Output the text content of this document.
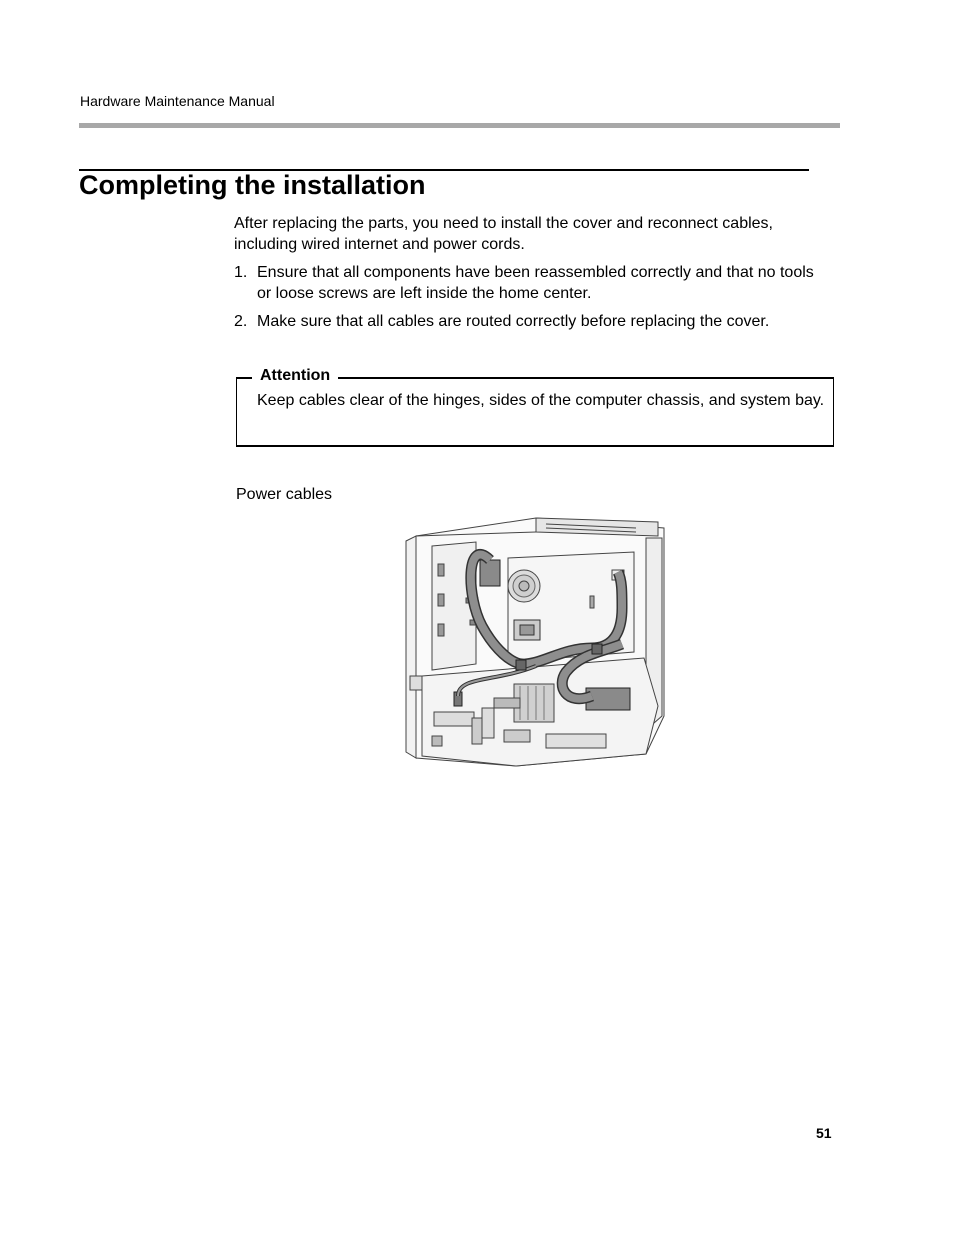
Hardware Maintenance Manual
Completing the installation

After replacing the parts, you need to install the cover and reconnect cables, including wired internet and power cords.

1. Ensure that all components have been reassembled correctly and that no tools or loose screws are left inside the home center.
2. Make sure that all cables are routed correctly before replacing the cover.
Attention
Keep cables clear of the hinges, sides of the computer chassis, and system bay.
Power cables
51
